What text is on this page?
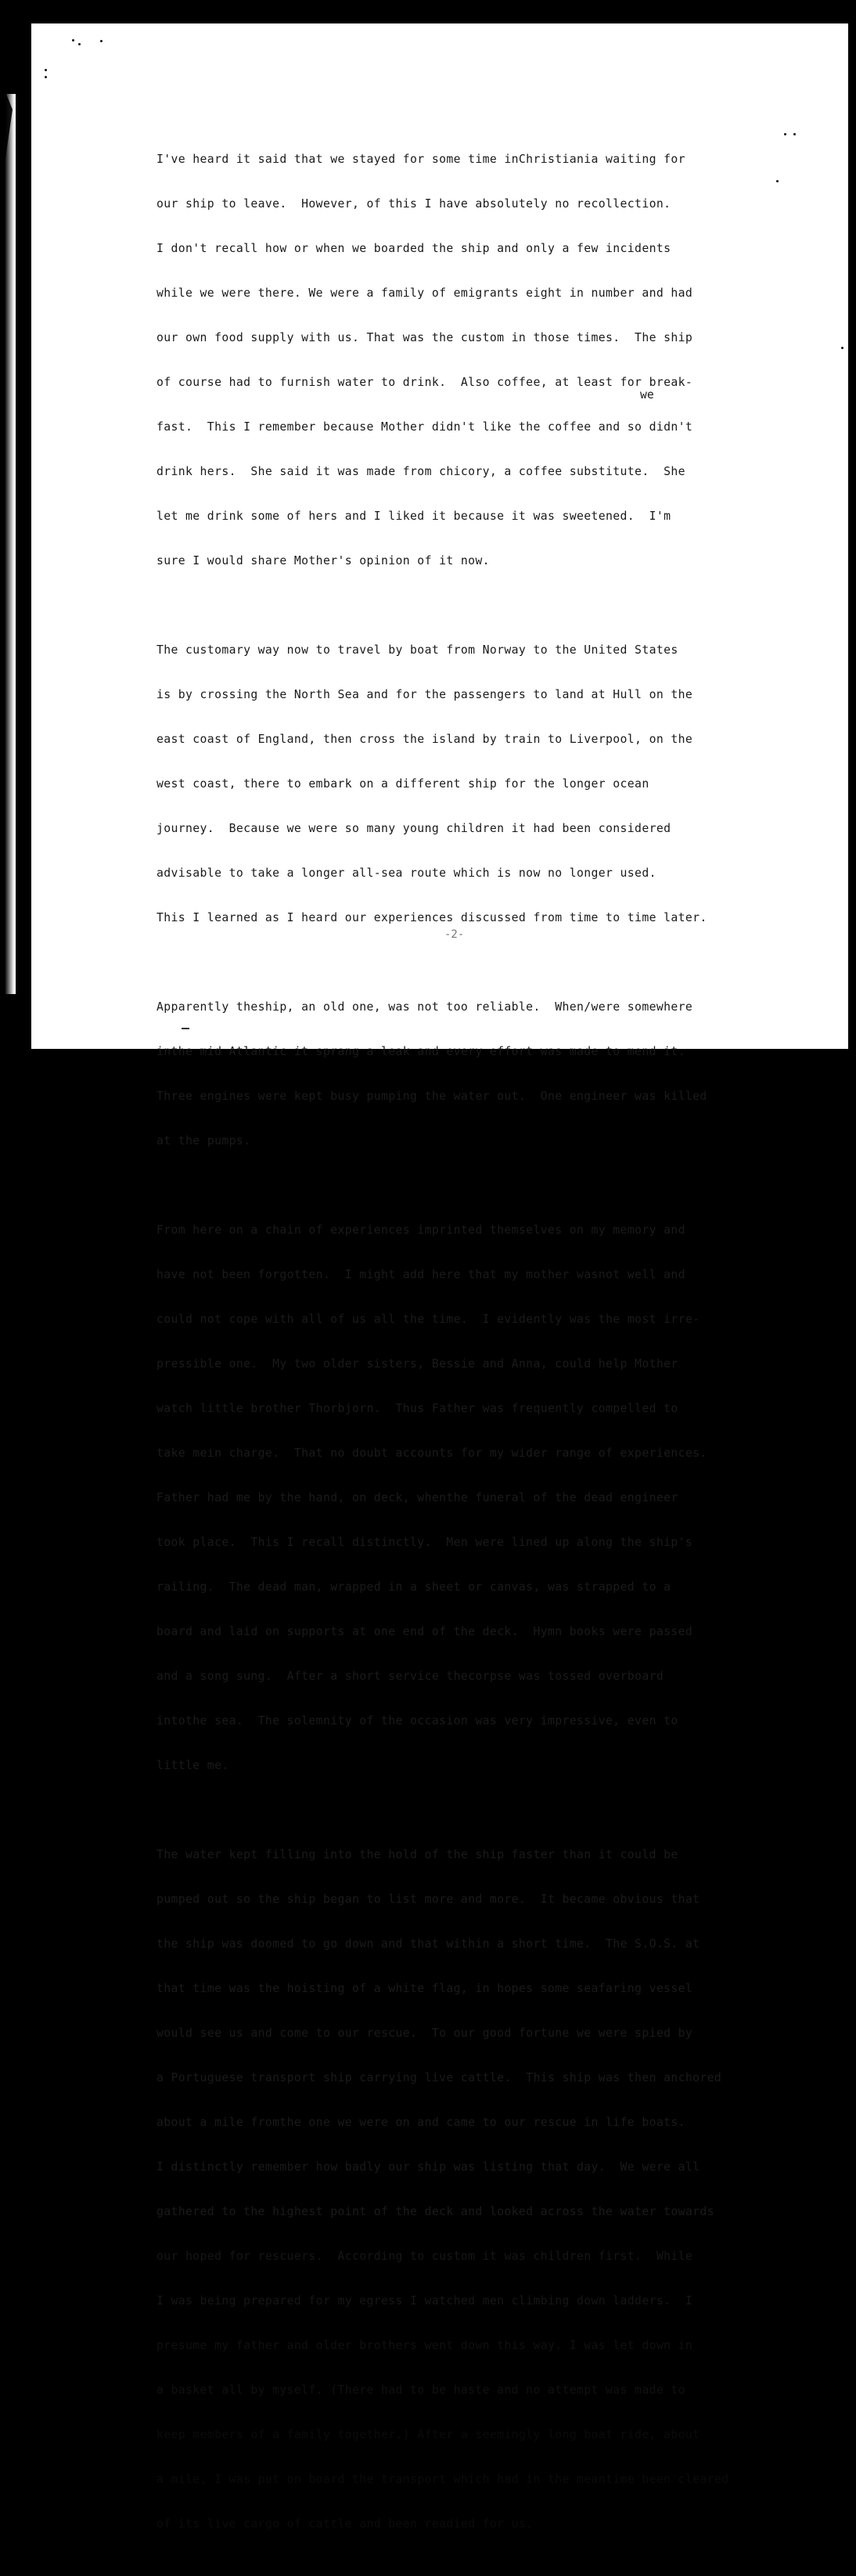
I've heard it said that we stayed for some time inChristiania waiting for

our ship to leave.  However, of this I have absolutely no recollection.

I don't recall how or when we boarded the ship and only a few incidents

while we were there. We were a family of emigrants eight in number and had

our own food supply with us. That was the custom in those times.  The ship

of course had to furnish water to drink.  Also coffee, at least for break-

fast.  This I remember because Mother didn't like the coffee and so didn't

drink hers.  She said it was made from chicory, a coffee substitute.  She

let me drink some of hers and I liked it because it was sweetened.  I'm

sure I would share Mother's opinion of it now.

The customary way now to travel by boat from Norway to the United States

is by crossing the North Sea and for the passengers to land at Hull on the

east coast of England, then cross the island by train to Liverpool, on the

west coast, there to embark on a different ship for the longer ocean

journey.  Because we were so many young children it had been considered

advisable to take a longer all-sea route which is now no longer used.

This I learned as I heard our experiences discussed from time to time later.

Apparently theship, an old one, was not too reliable.  When/were somewhere

inthe mid Atlantic it sprang a leak and every effort was made to mend it.

Three engines were kept busy pumping the water out.  One engineer was killed

at the pumps.

From here on a chain of experiences imprinted themselves on my memory and

have not been forgotten.  I might add here that my mother wasnot well and

could not cope with all of us all the time.  I evidently was the most irre-

pressible one.  My two older sisters, Bessie and Anna, could help Mother

watch little brother Thorbjorn.  Thus Father was frequently compelled to

take mein charge.  That no doubt accounts for my wider range of experiences.

Father had me by the hand, on deck, whenthe funeral of the dead engineer

took place.  This I recall distinctly.  Men were lined up along the ship's

railing.  The dead man, wrapped in a sheet or canvas, was strapped to a

board and laid on supports at one end of the deck.  Hymn books were passed

and a song sung.  After a short service thecorpse was tossed overboard

intothe sea.  The solemnity of the occasion was very impressive, even to

little me.

The water kept filling into the hold of the ship faster than it could be

pumped out so the ship began to list more and more.  It became obvious that

the ship was doomed to go down and that within a short time.  The S.O.S. at

that time was the hoisting of a white flag, in hopes some seafaring vessel

would see us and come to our rescue.  To our good fortune we were spied by

a Portuguese transport ship carrying live cattle.  This ship was then anchored

about a mile fromthe one we were on and came to our rescue in life boats.

I distinctly remember how badly our ship was listing that day.  We were all

gathered to the highest point of the deck and looked across the water towards

our hoped for rescuers.  According to custom it was children first.  While

I was being prepared for my egress I watched men climbing down ladders.  I

presume my father and older brothers went down this way. I was let down in

a basket all by myself. (There had to be haste and no attempt was made to

keep members of a family together.) After a seemingly long boat ride, about

a mile, I was put on board the transport which had in the meantime been cleared

of its live cargo of cattle and been readied for us.

we
-2-
